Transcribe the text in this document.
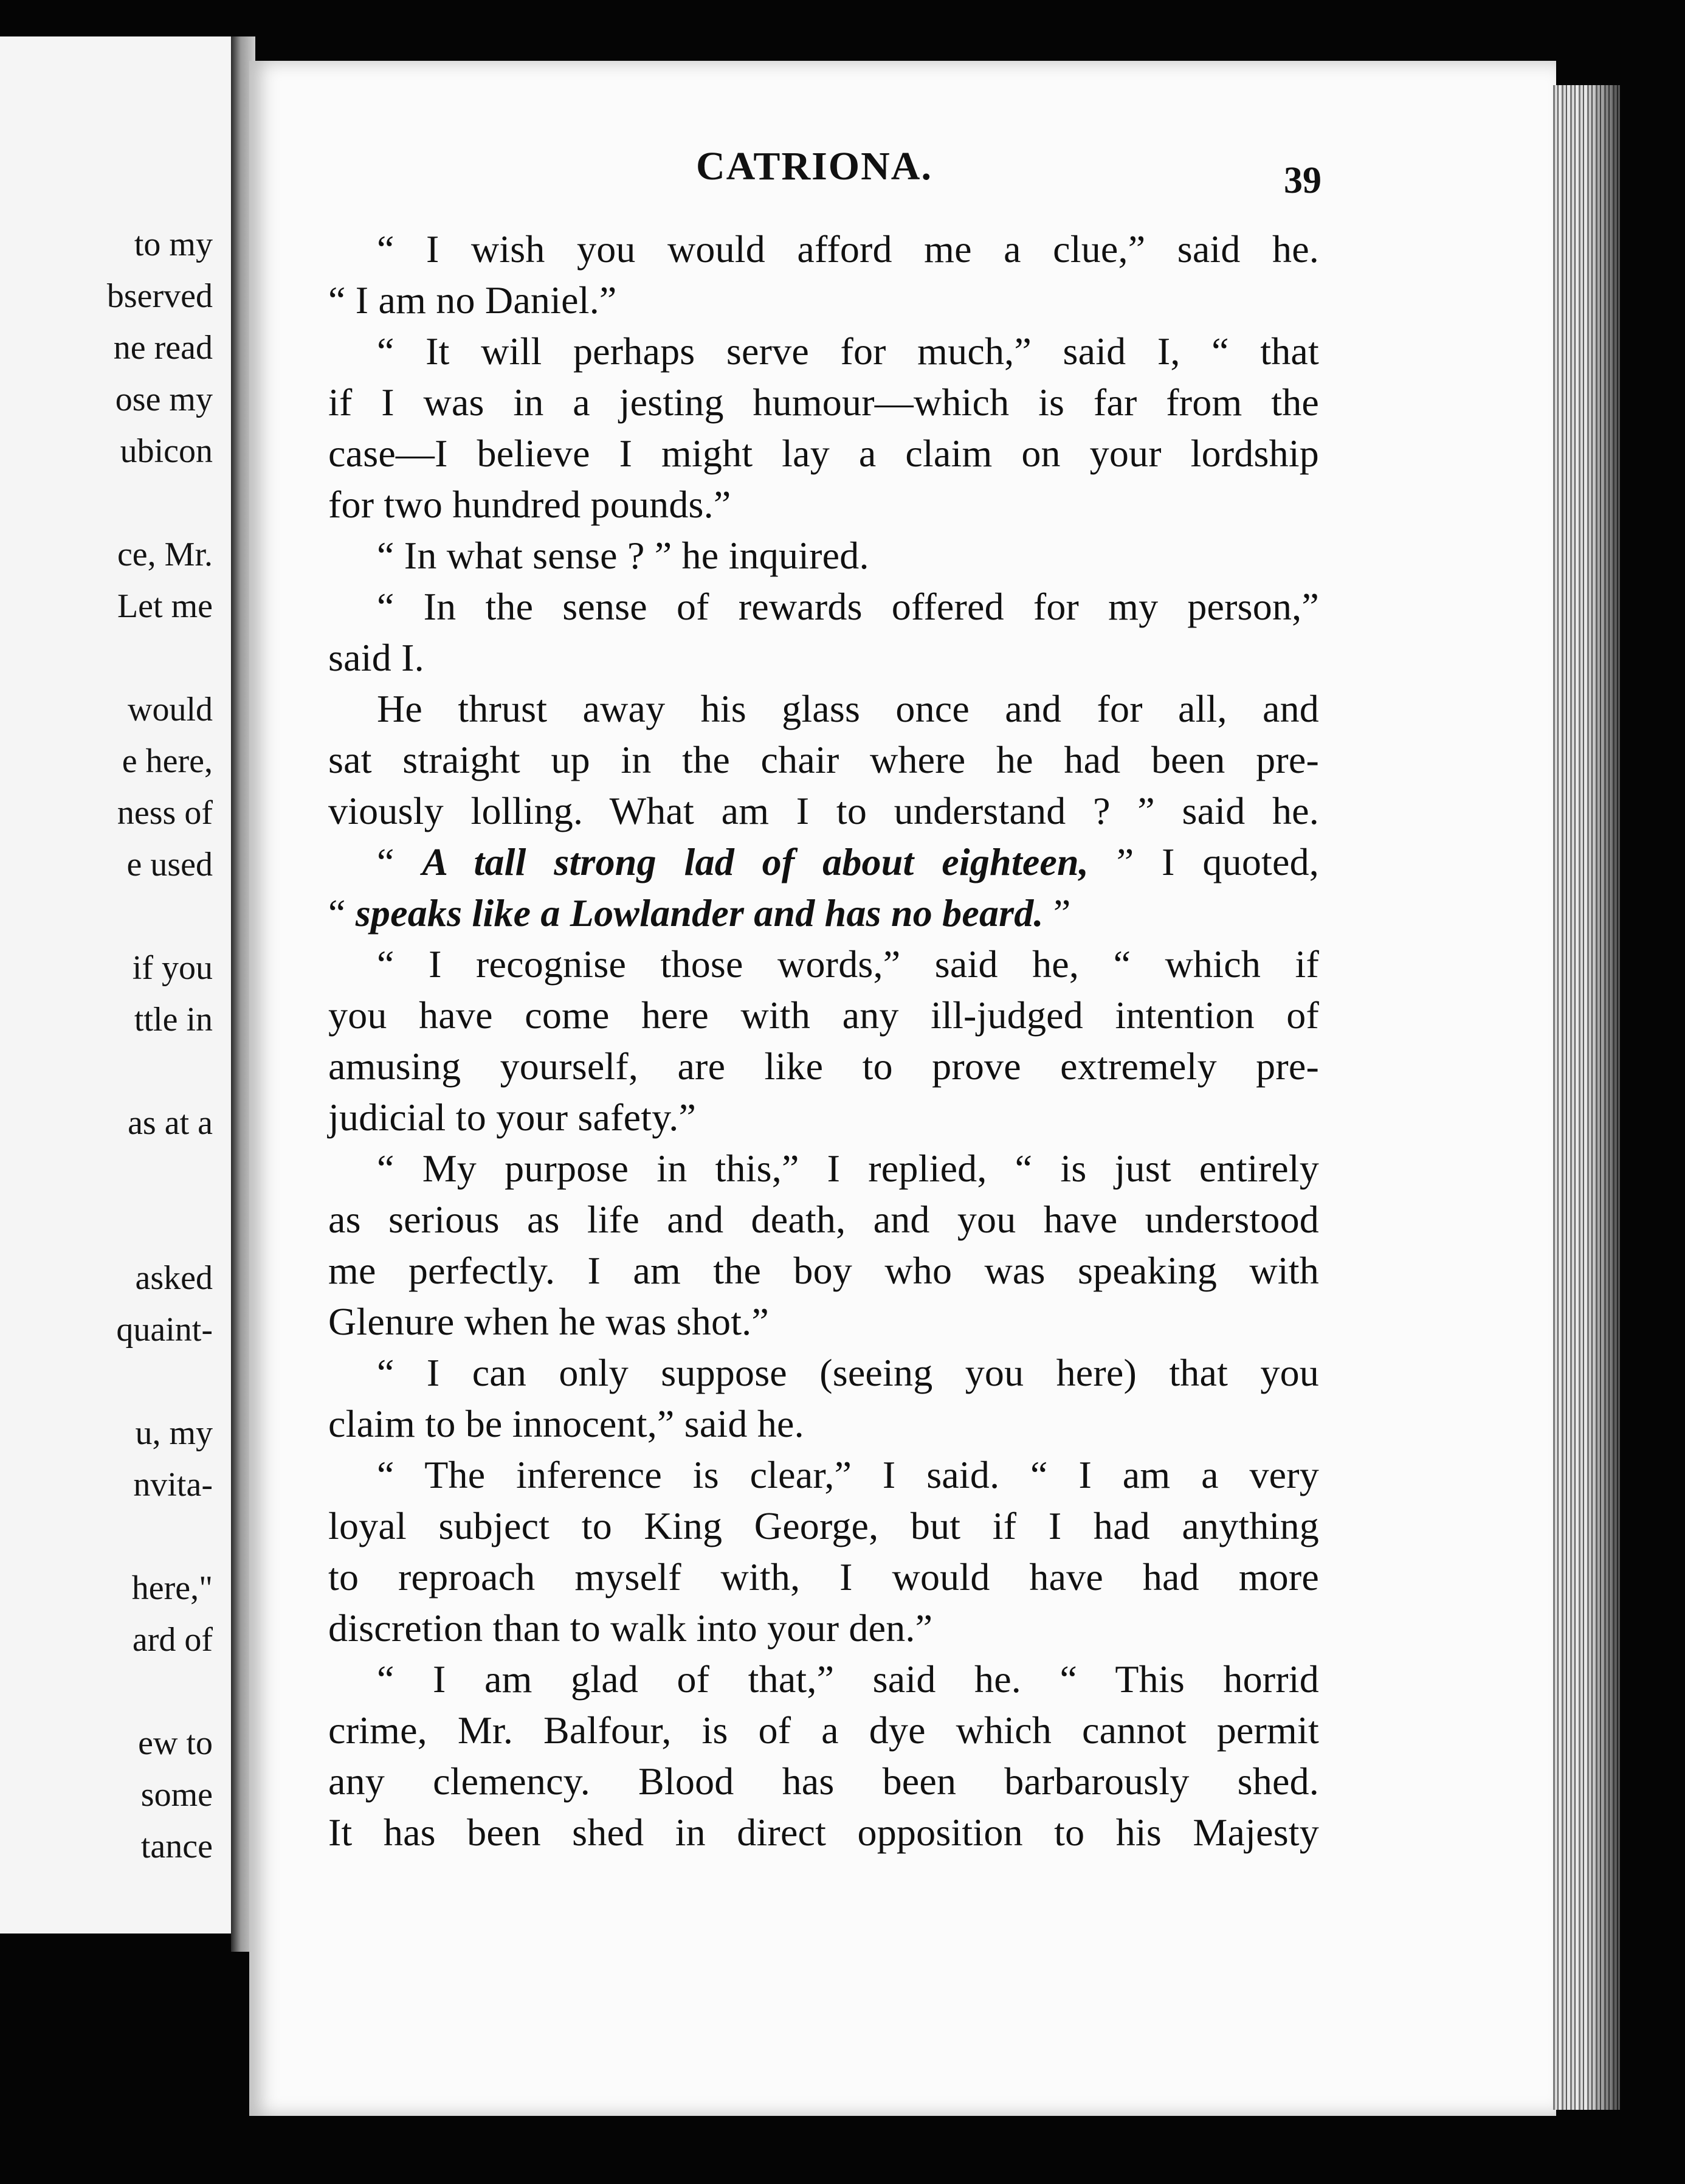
to my
bserved
ne read
ose my
ubicon
ce, Mr.
Let me
would
e here,
ness of
e used
if you
ttle in
as at a
asked
quaint-
u, my
nvita-
here,"
ard of
ew to
some
tance
CATRIONA.	39
“ I wish you would afford me a clue,” said he.
“ I am no Daniel.”
“ It will perhaps serve for much,” said I, “ that
if I was in a jesting humour—which is far from the
case—I believe I might lay a claim on your lordship
for two hundred pounds.”
“ In what sense ? ” he inquired.
“ In the sense of rewards offered for my person,”
said I.
He thrust away his glass once and for all, and
sat straight up in the chair where he had been pre-
viously lolling. What am I to understand ? ” said he.
“ A tall strong lad of about eighteen, ” I quoted,
“ speaks like a Lowlander and has no beard. ”
“ I recognise those words,” said he, “ which if
you have come here with any ill-judged intention of
amusing yourself, are like to prove extremely pre-
judicial to your safety.”
“ My purpose in this,” I replied, “ is just entirely
as serious as life and death, and you have understood
me perfectly. I am the boy who was speaking with
Glenure when he was shot.”
“ I can only suppose (seeing you here) that you
claim to be innocent,” said he.
“ The inference is clear,” I said. “ I am a very
loyal subject to King George, but if I had anything
to reproach myself with, I would have had more
discretion than to walk into your den.”
“ I am glad of that,” said he. “ This horrid
crime, Mr. Balfour, is of a dye which cannot permit
any clemency. Blood has been barbarously shed.
It has been shed in direct opposition to his Majesty
